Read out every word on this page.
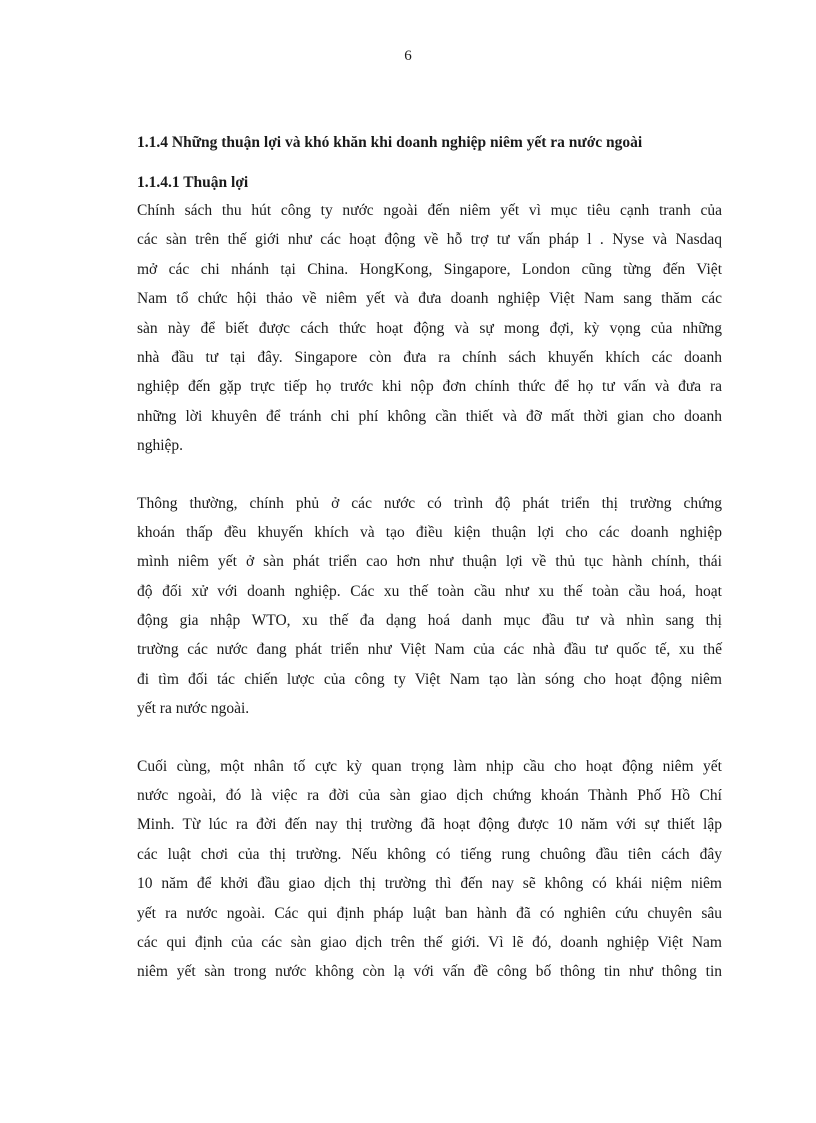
6
1.1.4 Những thuận lợi và khó khăn khi doanh nghiệp niêm yết ra nước ngoài
1.1.4.1 Thuận lợi
Chính sách thu hút công ty nước ngoài đến niêm yết vì mục tiêu cạnh tranh của
các sàn trên thế giới như các hoạt động về hỗ trợ tư vấn pháp l . Nyse và Nasdaq
mở các chi nhánh tại China. HongKong, Singapore, London cũng từng đến Việt
Nam tổ chức hội thảo về niêm yết và đưa doanh nghiệp Việt Nam sang thăm các
sàn này để biết được cách thức hoạt động và sự mong đợi, kỳ vọng của những
nhà đầu tư tại đây. Singapore còn đưa ra chính sách khuyến khích các doanh
nghiệp đến gặp trực tiếp họ trước khi nộp đơn chính thức để họ tư vấn và đưa ra
những lời khuyên để tránh chi phí không cần thiết và đỡ mất thời gian cho doanh
nghiệp.
Thông thường, chính phủ ở các nước có trình độ phát triển thị trường chứng
khoán thấp đều khuyến khích và tạo điều kiện thuận lợi cho các doanh nghiệp
mình niêm yết ở sàn phát triển cao hơn như thuận lợi về thủ tục hành chính, thái
độ đối xử với doanh nghiệp. Các xu thế toàn cầu như xu thế toàn cầu hoá, hoạt
động gia nhập WTO, xu thế đa dạng hoá danh mục đầu tư và nhìn sang thị
trường các nước đang phát triển như Việt Nam của các nhà đầu tư quốc tế, xu thế
đi tìm đối tác chiến lược của công ty Việt Nam tạo làn sóng cho hoạt động niêm
yết ra nước ngoài.
Cuối cùng, một nhân tố cực kỳ quan trọng làm nhịp cầu cho hoạt động niêm yết
nước ngoài, đó là việc ra đời của sàn giao dịch chứng khoán Thành Phố Hồ Chí
Minh. Từ lúc ra đời đến nay thị trường đã hoạt động được 10 năm với sự thiết lập
các luật chơi của thị trường. Nếu không có tiếng rung chuông đầu tiên cách đây
10 năm để khởi đầu giao dịch thị trường thì đến nay sẽ không có khái niệm niêm
yết ra nước ngoài. Các qui định pháp luật ban hành đã có nghiên cứu chuyên sâu
các qui định của các sàn giao dịch trên thế giới. Vì lẽ đó, doanh nghiệp Việt Nam
niêm yết sàn trong nước không còn lạ với vấn đề công bố thông tin như thông tin
